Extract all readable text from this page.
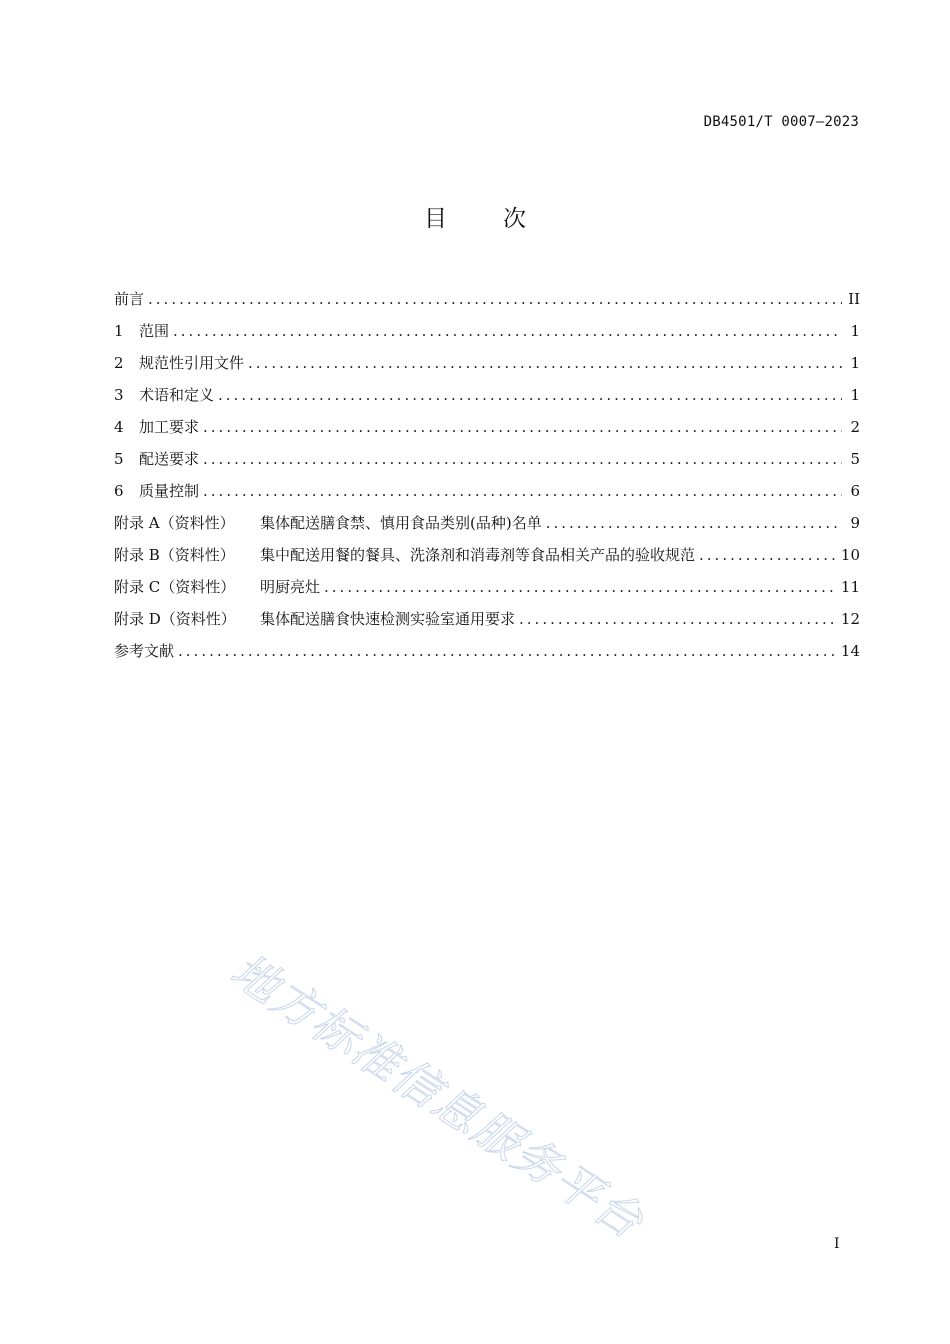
DB4501/T 0007—2023
目 次
前言 .....	II
1	范围 .....	1
2	规范性引用文件 .....	1
3	术语和定义 .....	1
4	加工要求 .....	2
5	配送要求 .....	5
6	质量控制 .....	6
附录 A（资料性）	集体配送膳食禁、慎用食品类别(品种)名单 .....	9
附录 B（资料性）	集中配送用餐的餐具、洗涤剂和消毒剂等食品相关产品的验收规范 .....	10
附录 C（资料性）	明厨亮灶 .....	11
附录 D（资料性）	集体配送膳食快速检测实验室通用要求 .....	12
参考文献 .....	14
地方标准信息服务平台	I
